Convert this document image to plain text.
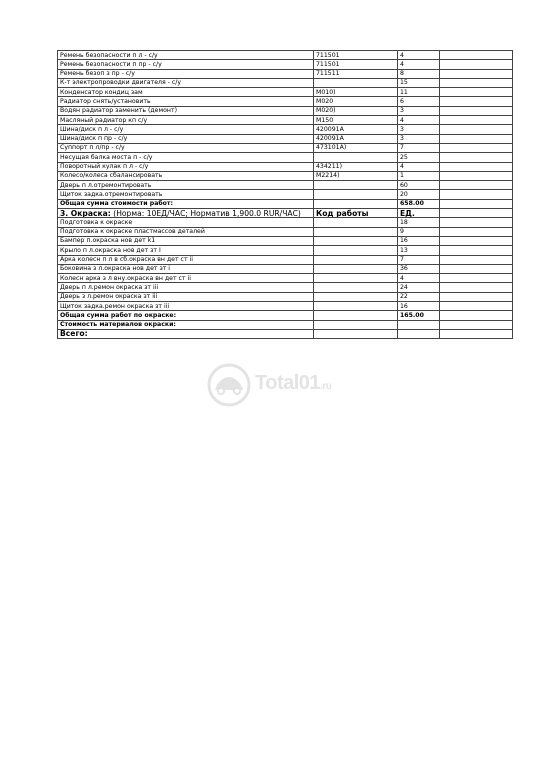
Ремень безопасности п л - с/у	711501	4	
Ремень безопасности п пр - с/у	711501	4	
Ремень безоп з пр - с/у	711511	8	
К-т электропроводки двигателя - с/у		15	
Конденсатор кондиц зам	M010)	11	
Радиатор снять/установить	M020	6	
Водян радиатор заменить (демонт)	M020)	3	
Масляный радиатор кп с/у	M150	4	
Шина/диск п л - с/у	420091A	3	
Шина/диск п пр - с/у	420091A	3	
Суппорт п л/пр - с/у	473101A)	7	
Несущая балка моста п - с/у		25	
Поворотный кулак п л - с/у	434211)	4	
Колесо/колеса сбалансировать	M2214)	1	
Дверь п л.отремонтировать		60	
Щиток задка.отремонтировать		20	
Общая сумма стоимости работ:		658.00	
3. Окраска: (Норма: 10ЕД/ЧАС; Норматив 1,900.0 RUR/ЧАС)	Код работы	ЕД.	
Подготовка к окраске		18	
Подготовка к окраске пластмассов деталей		9	
Бампер п.окраска нов дет k1		16	
Крыло п л.окраска нов дет зт I		13	
Арка колесн п л в сб.окраска вн дет ст ii		7	
Боковина з л.окраска нов дет зт i		36	
Колесн арка з л вну.окраска вн дет ст ii		4	
Дверь п л.ремон окраска зт iii		24	
Дверь з л.ремон окраска зт iii		22	
Щиток задка.ремон окраска зт iii		16	
Общая сумма работ по окраске:		165.00	
Стоимость материалов окраски:			
Всего:			
Total01.ru
